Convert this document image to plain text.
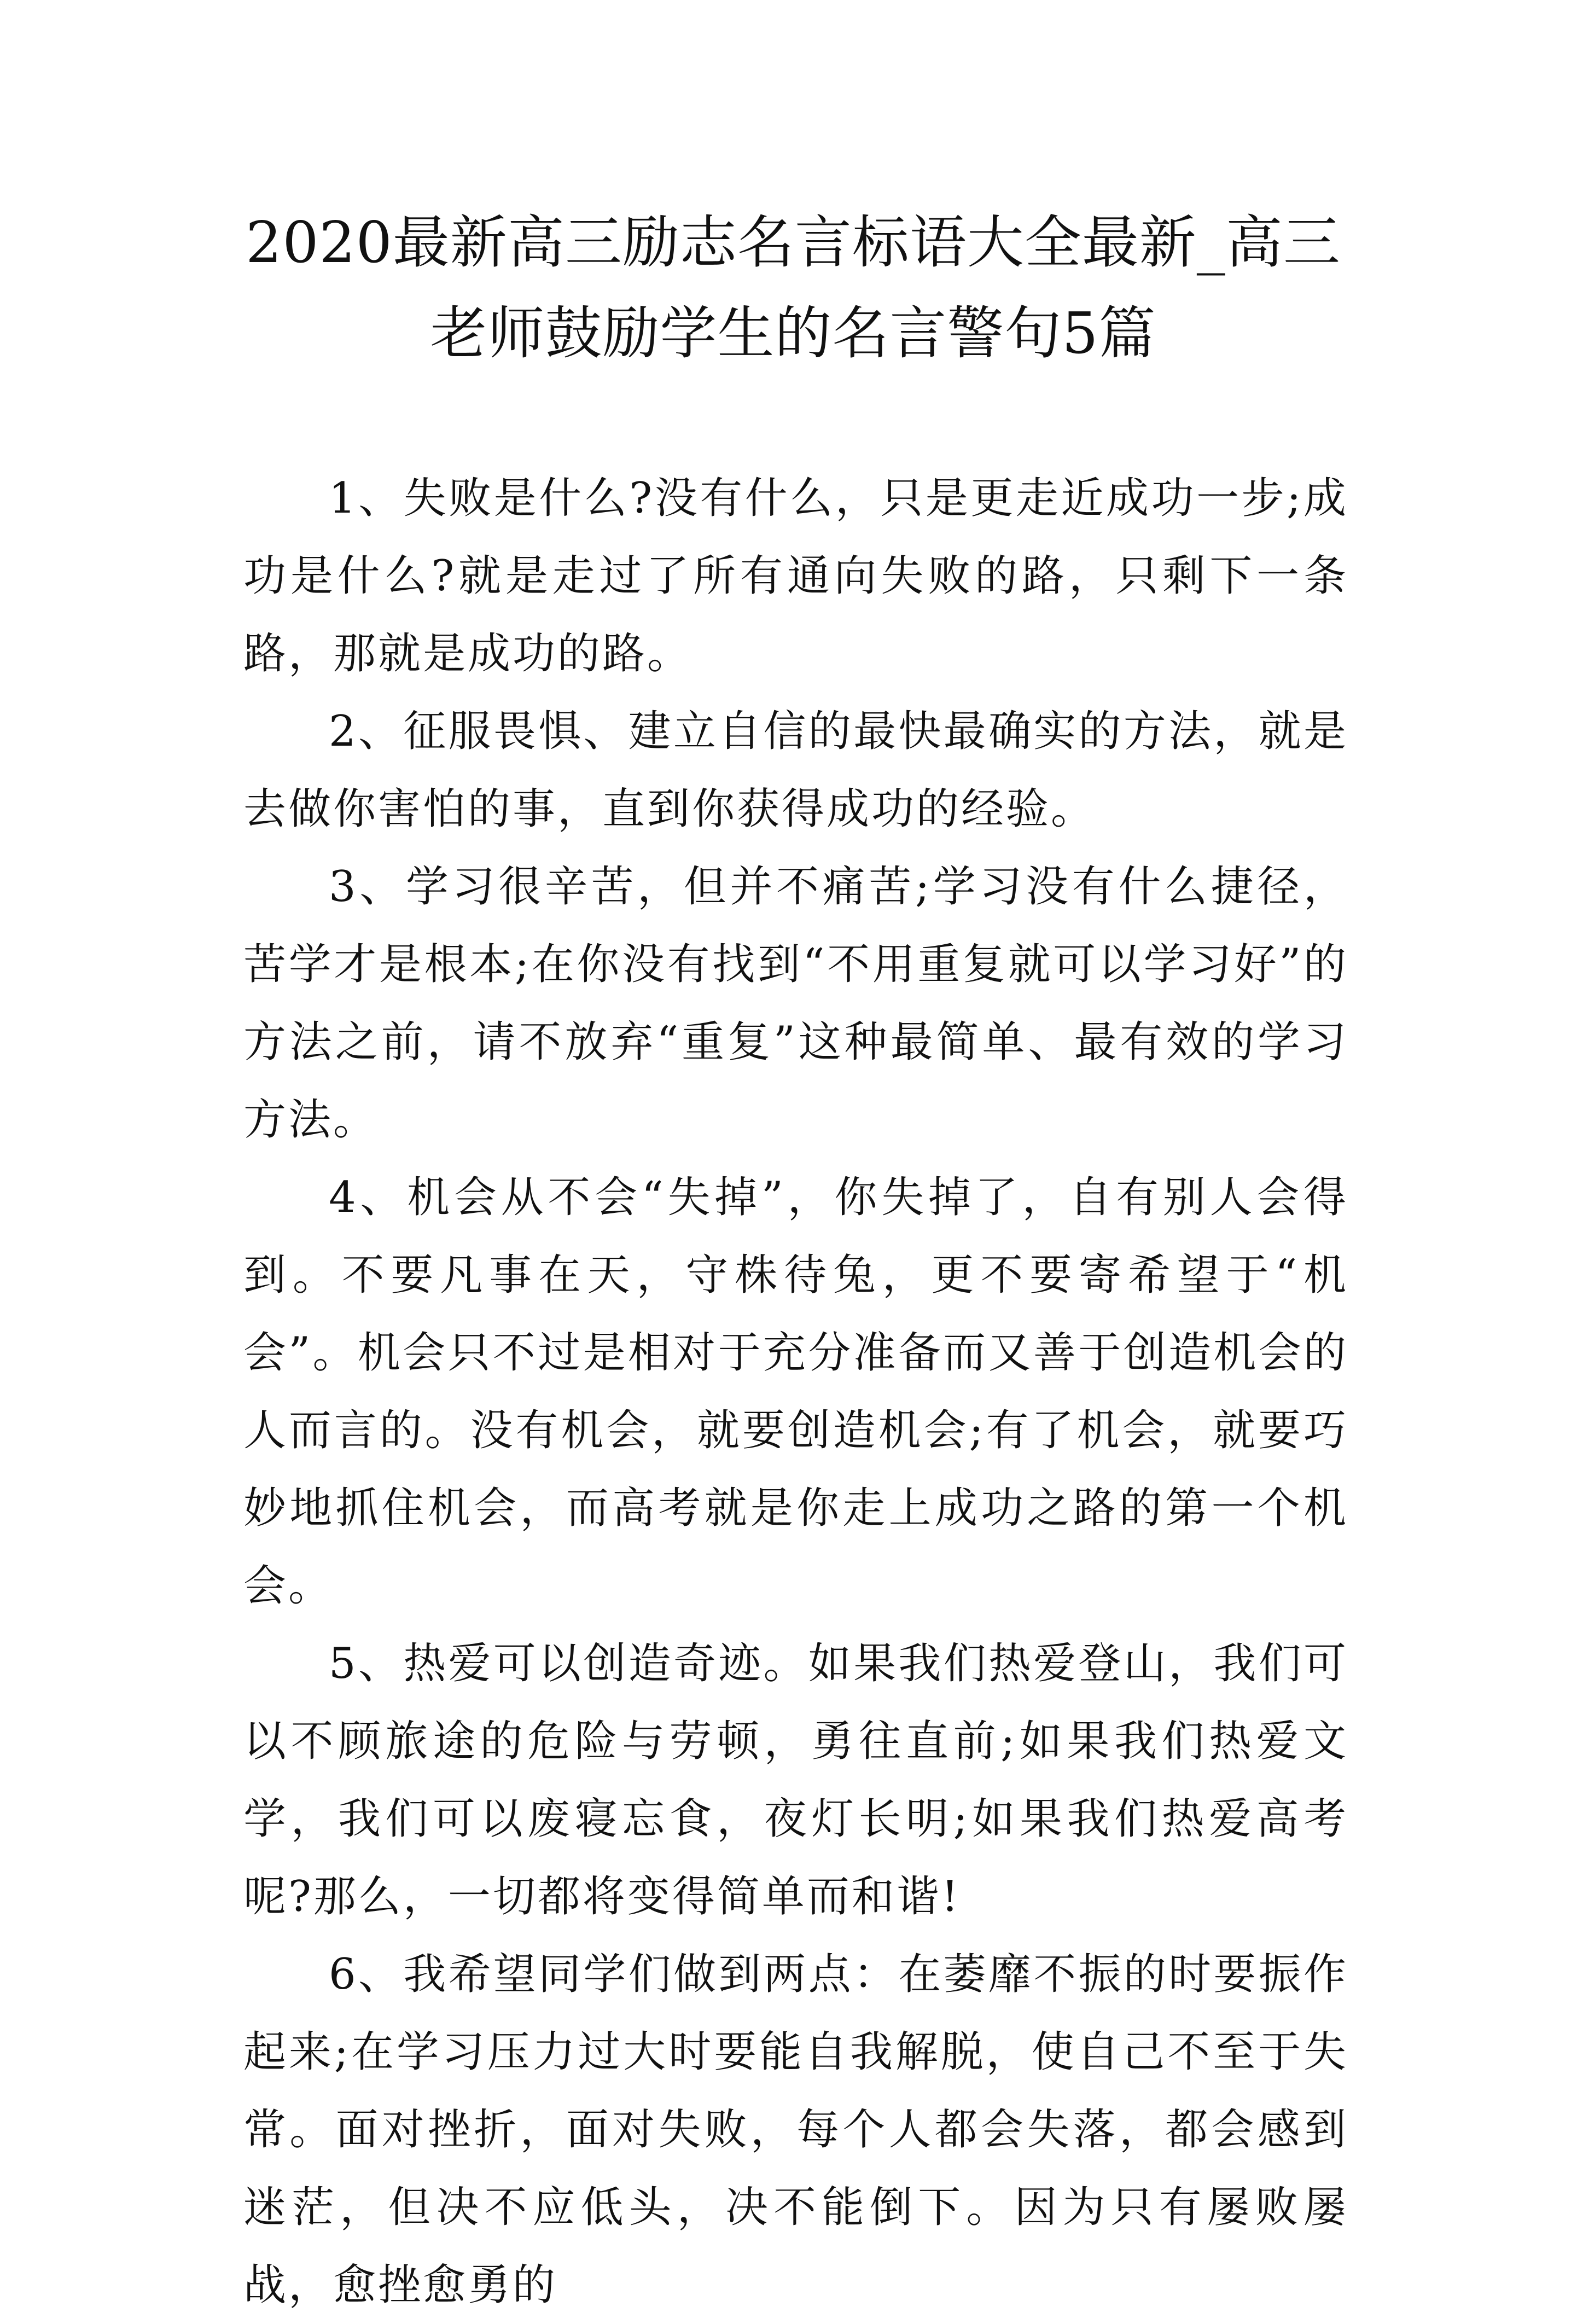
2020最新高三励志名言标语大全最新_高三老师鼓励学生的名言警句5篇

1、失败是什么?没有什么，只是更走近成功一步;成功是什么?就是走过了所有通向失败的路，只剩下一条路，那就是成功的路。

2、征服畏惧、建立自信的最快最确实的方法，就是去做你害怕的事，直到你获得成功的经验。

3、学习很辛苦，但并不痛苦;学习没有什么捷径，苦学才是根本;在你没有找到“不用重复就可以学习好”的方法之前，请不放弃“重复”这种最简单、最有效的学习方法。

4、机会从不会“失掉”，你失掉了，自有别人会得到。不要凡事在天，守株待兔，更不要寄希望于“机会”。机会只不过是相对于充分准备而又善于创造机会的人而言的。没有机会，就要创造机会;有了机会，就要巧妙地抓住机会，而高考就是你走上成功之路的第一个机会。

5、热爱可以创造奇迹。如果我们热爱登山，我们可以不顾旅途的危险与劳顿，勇往直前;如果我们热爱文学，我们可以废寝忘食，夜灯长明;如果我们热爱高考呢?那么，一切都将变得简单而和谐!

6、我希望同学们做到两点：在萎靡不振的时要振作起来;在学习压力过大时要能自我解脱，使自己不至于失常。面对挫折，面对失败，每个人都会失落，都会感到迷茫，但决不应低头，决不能倒下。因为只有屡败屡战，愈挫愈勇的
